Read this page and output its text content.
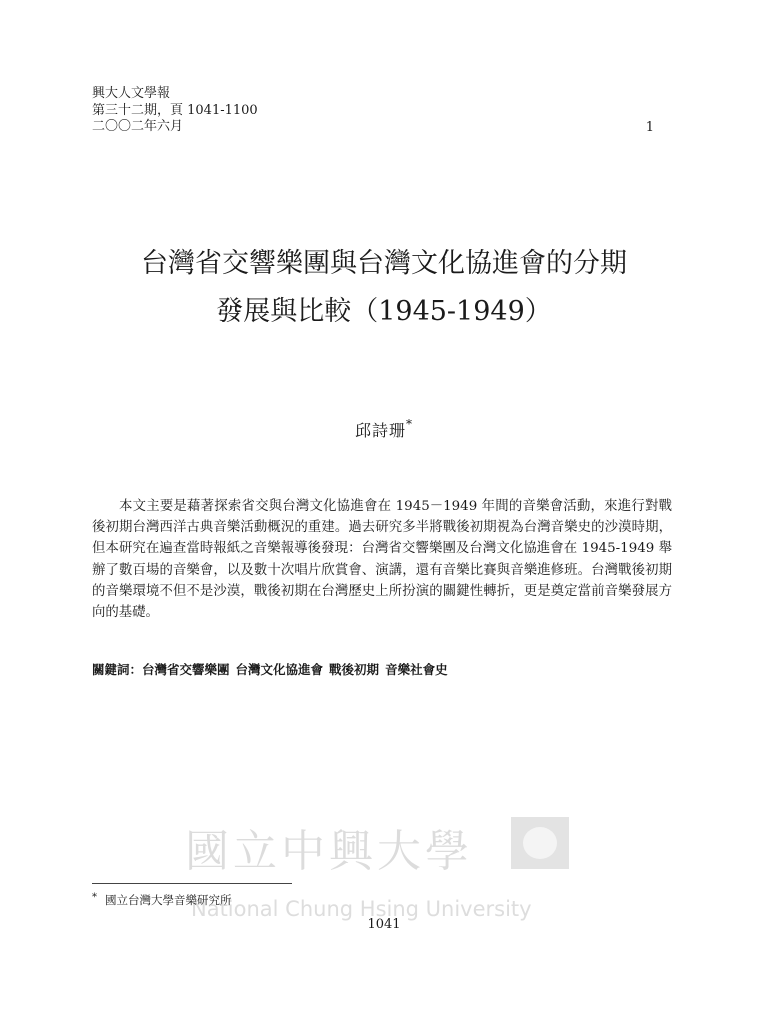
興大人文學報
第三十二期，頁 1041-1100
二〇〇二年六月	1
台灣省交響樂團與台灣文化協進會的分期
發展與比較（1945-1949）
邱詩珊*

本文主要是藉著探索省交與台灣文化協進會在 1945－1949 年間的音樂會活動，來進行對戰後初期台灣西洋古典音樂活動概況的重建。過去研究多半將戰後初期視為台灣音樂史的沙漠時期，但本研究在遍查當時報紙之音樂報導後發現：台灣省交響樂團及台灣文化協進會在 1945-1949 舉辦了數百場的音樂會，以及數十次唱片欣賞會、演講，還有音樂比賽與音樂進修班。台灣戰後初期的音樂環境不但不是沙漠，戰後初期在台灣歷史上所扮演的關鍵性轉折，更是奠定當前音樂發展方向的基礎。

關鍵詞：台灣省交響樂團 台灣文化協進會 戰後初期 音樂社會史
國立中興大學
National Chung Hsing University
* 國立台灣大學音樂研究所
1041
